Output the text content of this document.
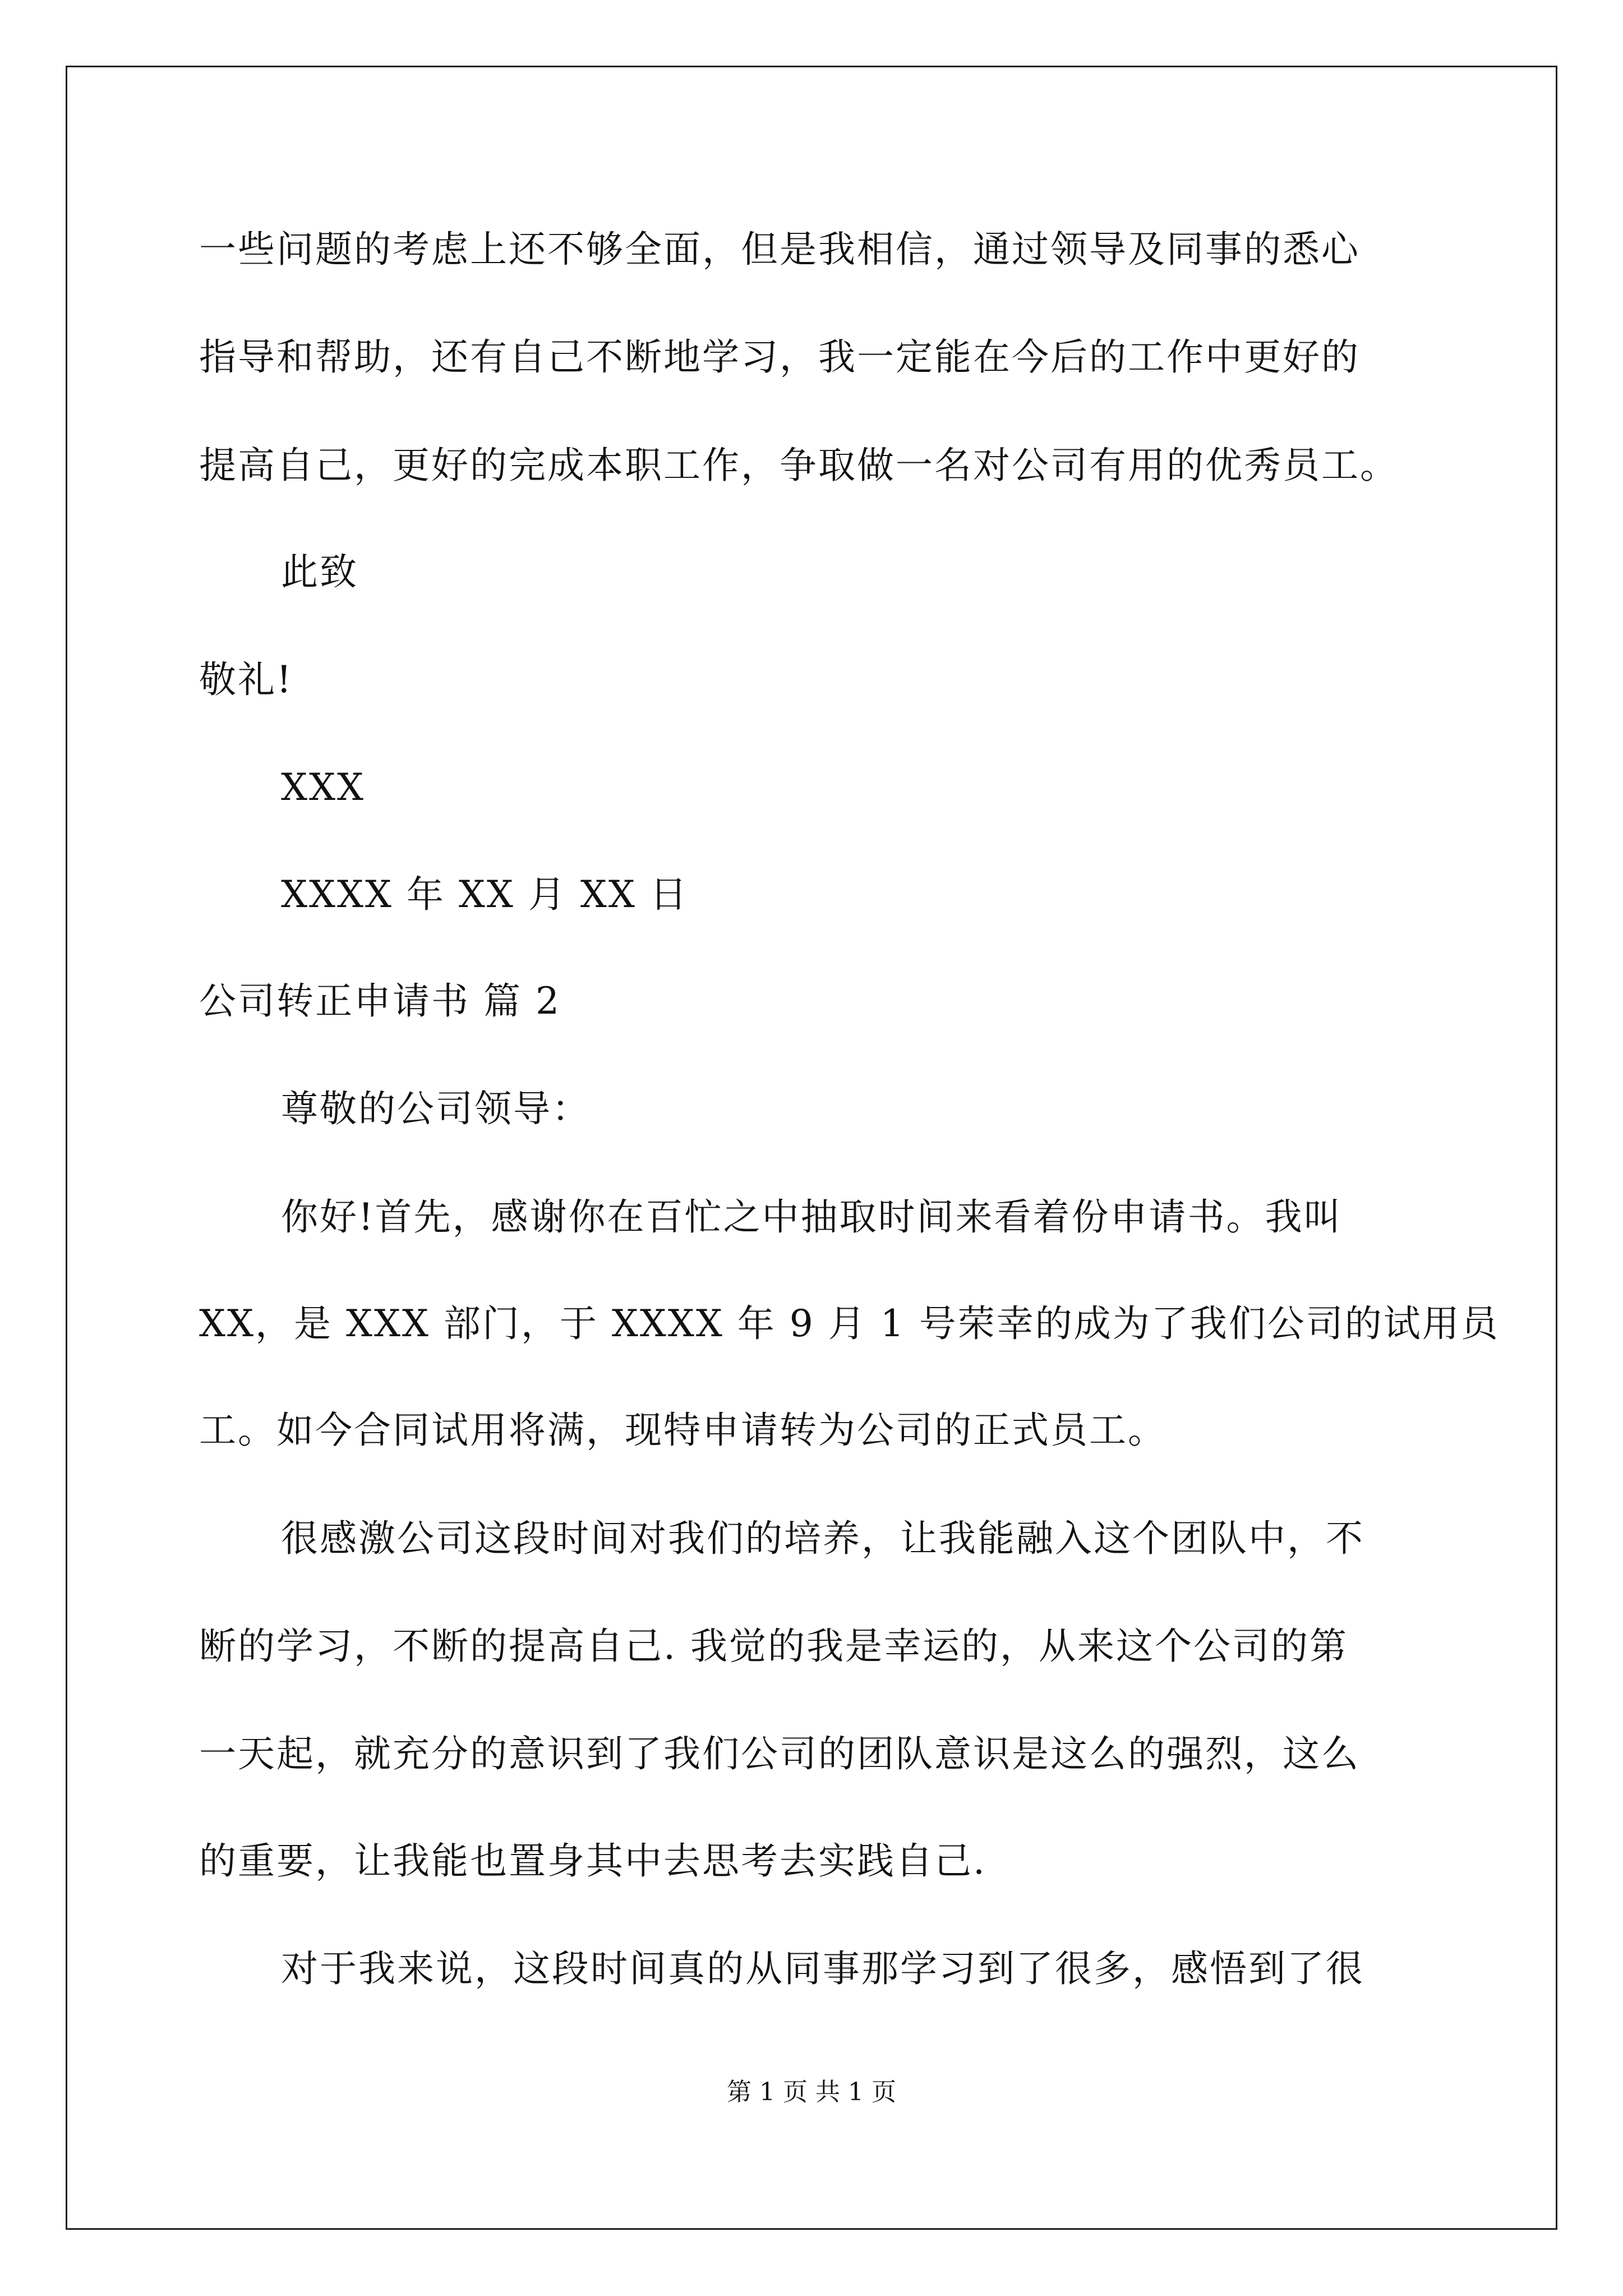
一些问题的考虑上还不够全面，但是我相信，通过领导及同事的悉心
指导和帮助，还有自己不断地学习，我一定能在今后的工作中更好的
提高自己，更好的完成本职工作，争取做一名对公司有用的优秀员工。
此致
敬礼!
XXX
XXXX 年 XX 月 XX 日
公司转正申请书 篇 2
尊敬的公司领导：
你好!首先，感谢你在百忙之中抽取时间来看着份申请书。我叫
XX，是 XXX 部门，于 XXXX 年 9 月 1 号荣幸的成为了我们公司的试用员
工。如今合同试用将满，现特申请转为公司的正式员工。
很感激公司这段时间对我们的培养，让我能融入这个团队中，不
断的学习，不断的提高自己. 我觉的我是幸运的，从来这个公司的第
一天起，就充分的意识到了我们公司的团队意识是这么的强烈，这么
的重要，让我能也置身其中去思考去实践自己.
对于我来说，这段时间真的从同事那学习到了很多，感悟到了很
第 1 页 共 1 页
